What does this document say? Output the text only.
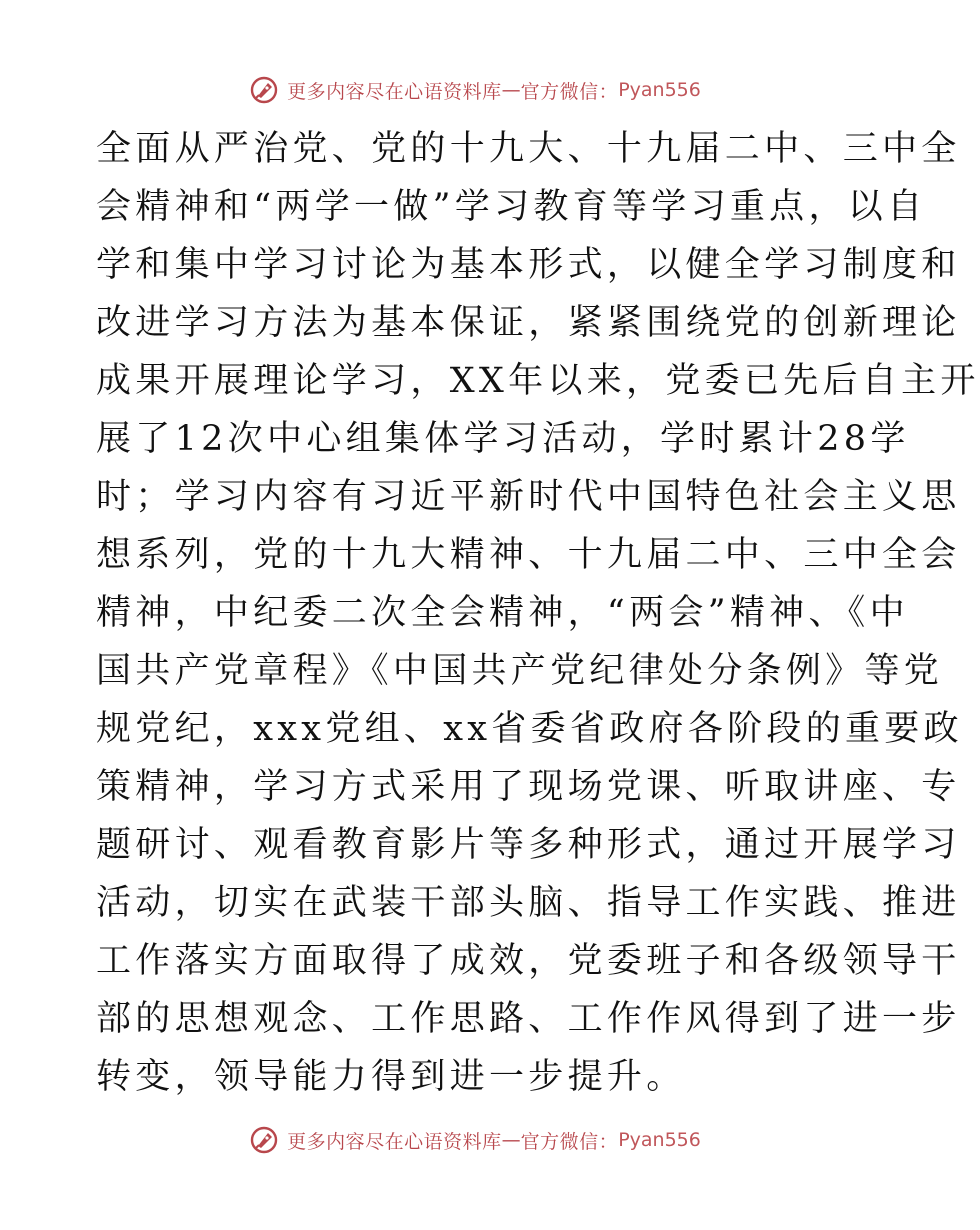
更多内容尽在心语资料库 — 官方微信： Pyan556
全面从严治党、党的十九大、十九届二中、三中全
会精神和“两学一做”学习教育等学习重点，以自
学和集中学习讨论为基本形式，以健全学习制度和
改进学习方法为基本保证，紧紧围绕党的创新理论
成果开展理论学习，XX年以来，党委已先后自主开
展了12次中心组集体学习活动，学时累计28学
时；学习内容有习近平新时代中国特色社会主义思
想系列，党的十九大精神、十九届二中、三中全会
精神，中纪委二次全会精神，“两会”精神、《中
国共产党章程》《中国共产党纪律处分条例》等党
规党纪，xxx党组、xx省委省政府各阶段的重要政
策精神，学习方式采用了现场党课、听取讲座、专
题研讨、观看教育影片等多种形式，通过开展学习
活动，切实在武装干部头脑、指导工作实践、推进
工作落实方面取得了成效，党委班子和各级领导干
部的思想观念、工作思路、工作作风得到了进一步
转变，领导能力得到进一步提升。
更多内容尽在心语资料库 — 官方微信： Pyan556
